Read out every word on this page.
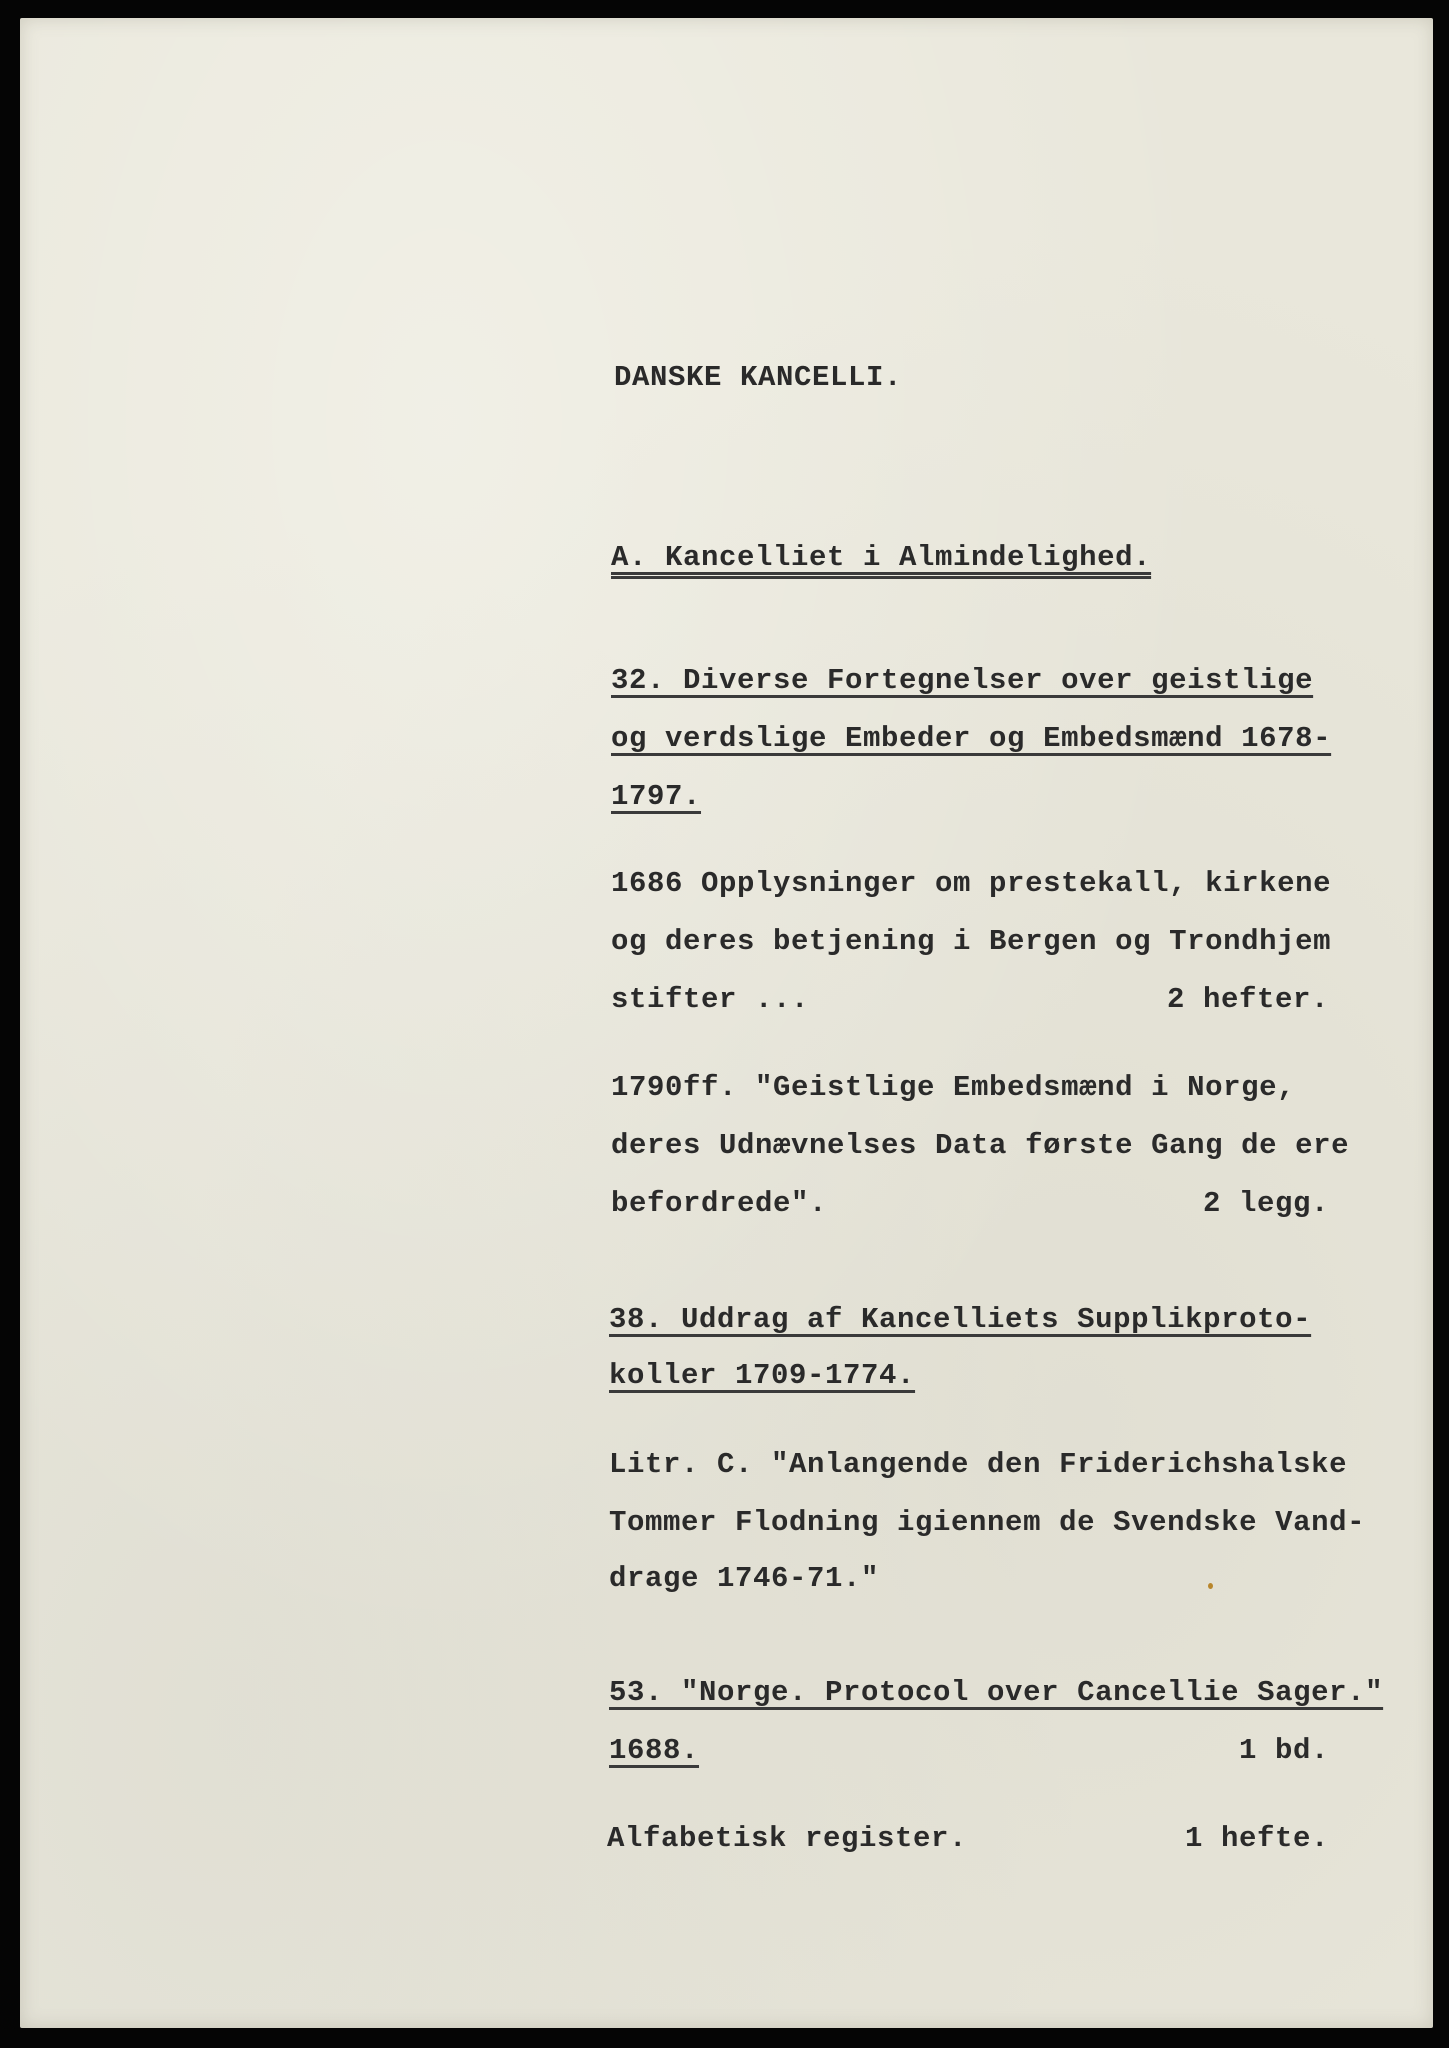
DANSKE KANCELLI.
A. Kancelliet i Almindelighed.
32. Diverse Fortegnelser over geistlige
og verdslige Embeder og Embedsmænd 1678-
1797.
1686 Opplysninger om prestekall, kirkene
og deres betjening i Bergen og Trondhjem
stifter ...	2 hefter.
1790ff. "Geistlige Embedsmænd i Norge,
deres Udnævnelses Data første Gang de ere
befordrede".	2 legg.
38. Uddrag af Kancelliets Supplikproto-
koller 1709-1774.
Litr. C. "Anlangende den Friderichshalske
Tommer Flodning igiennem de Svendske Vand-
drage 1746-71."
53. "Norge. Protocol over Cancellie Sager."
1688.	1 bd.
Alfabetisk register.	1 hefte.
